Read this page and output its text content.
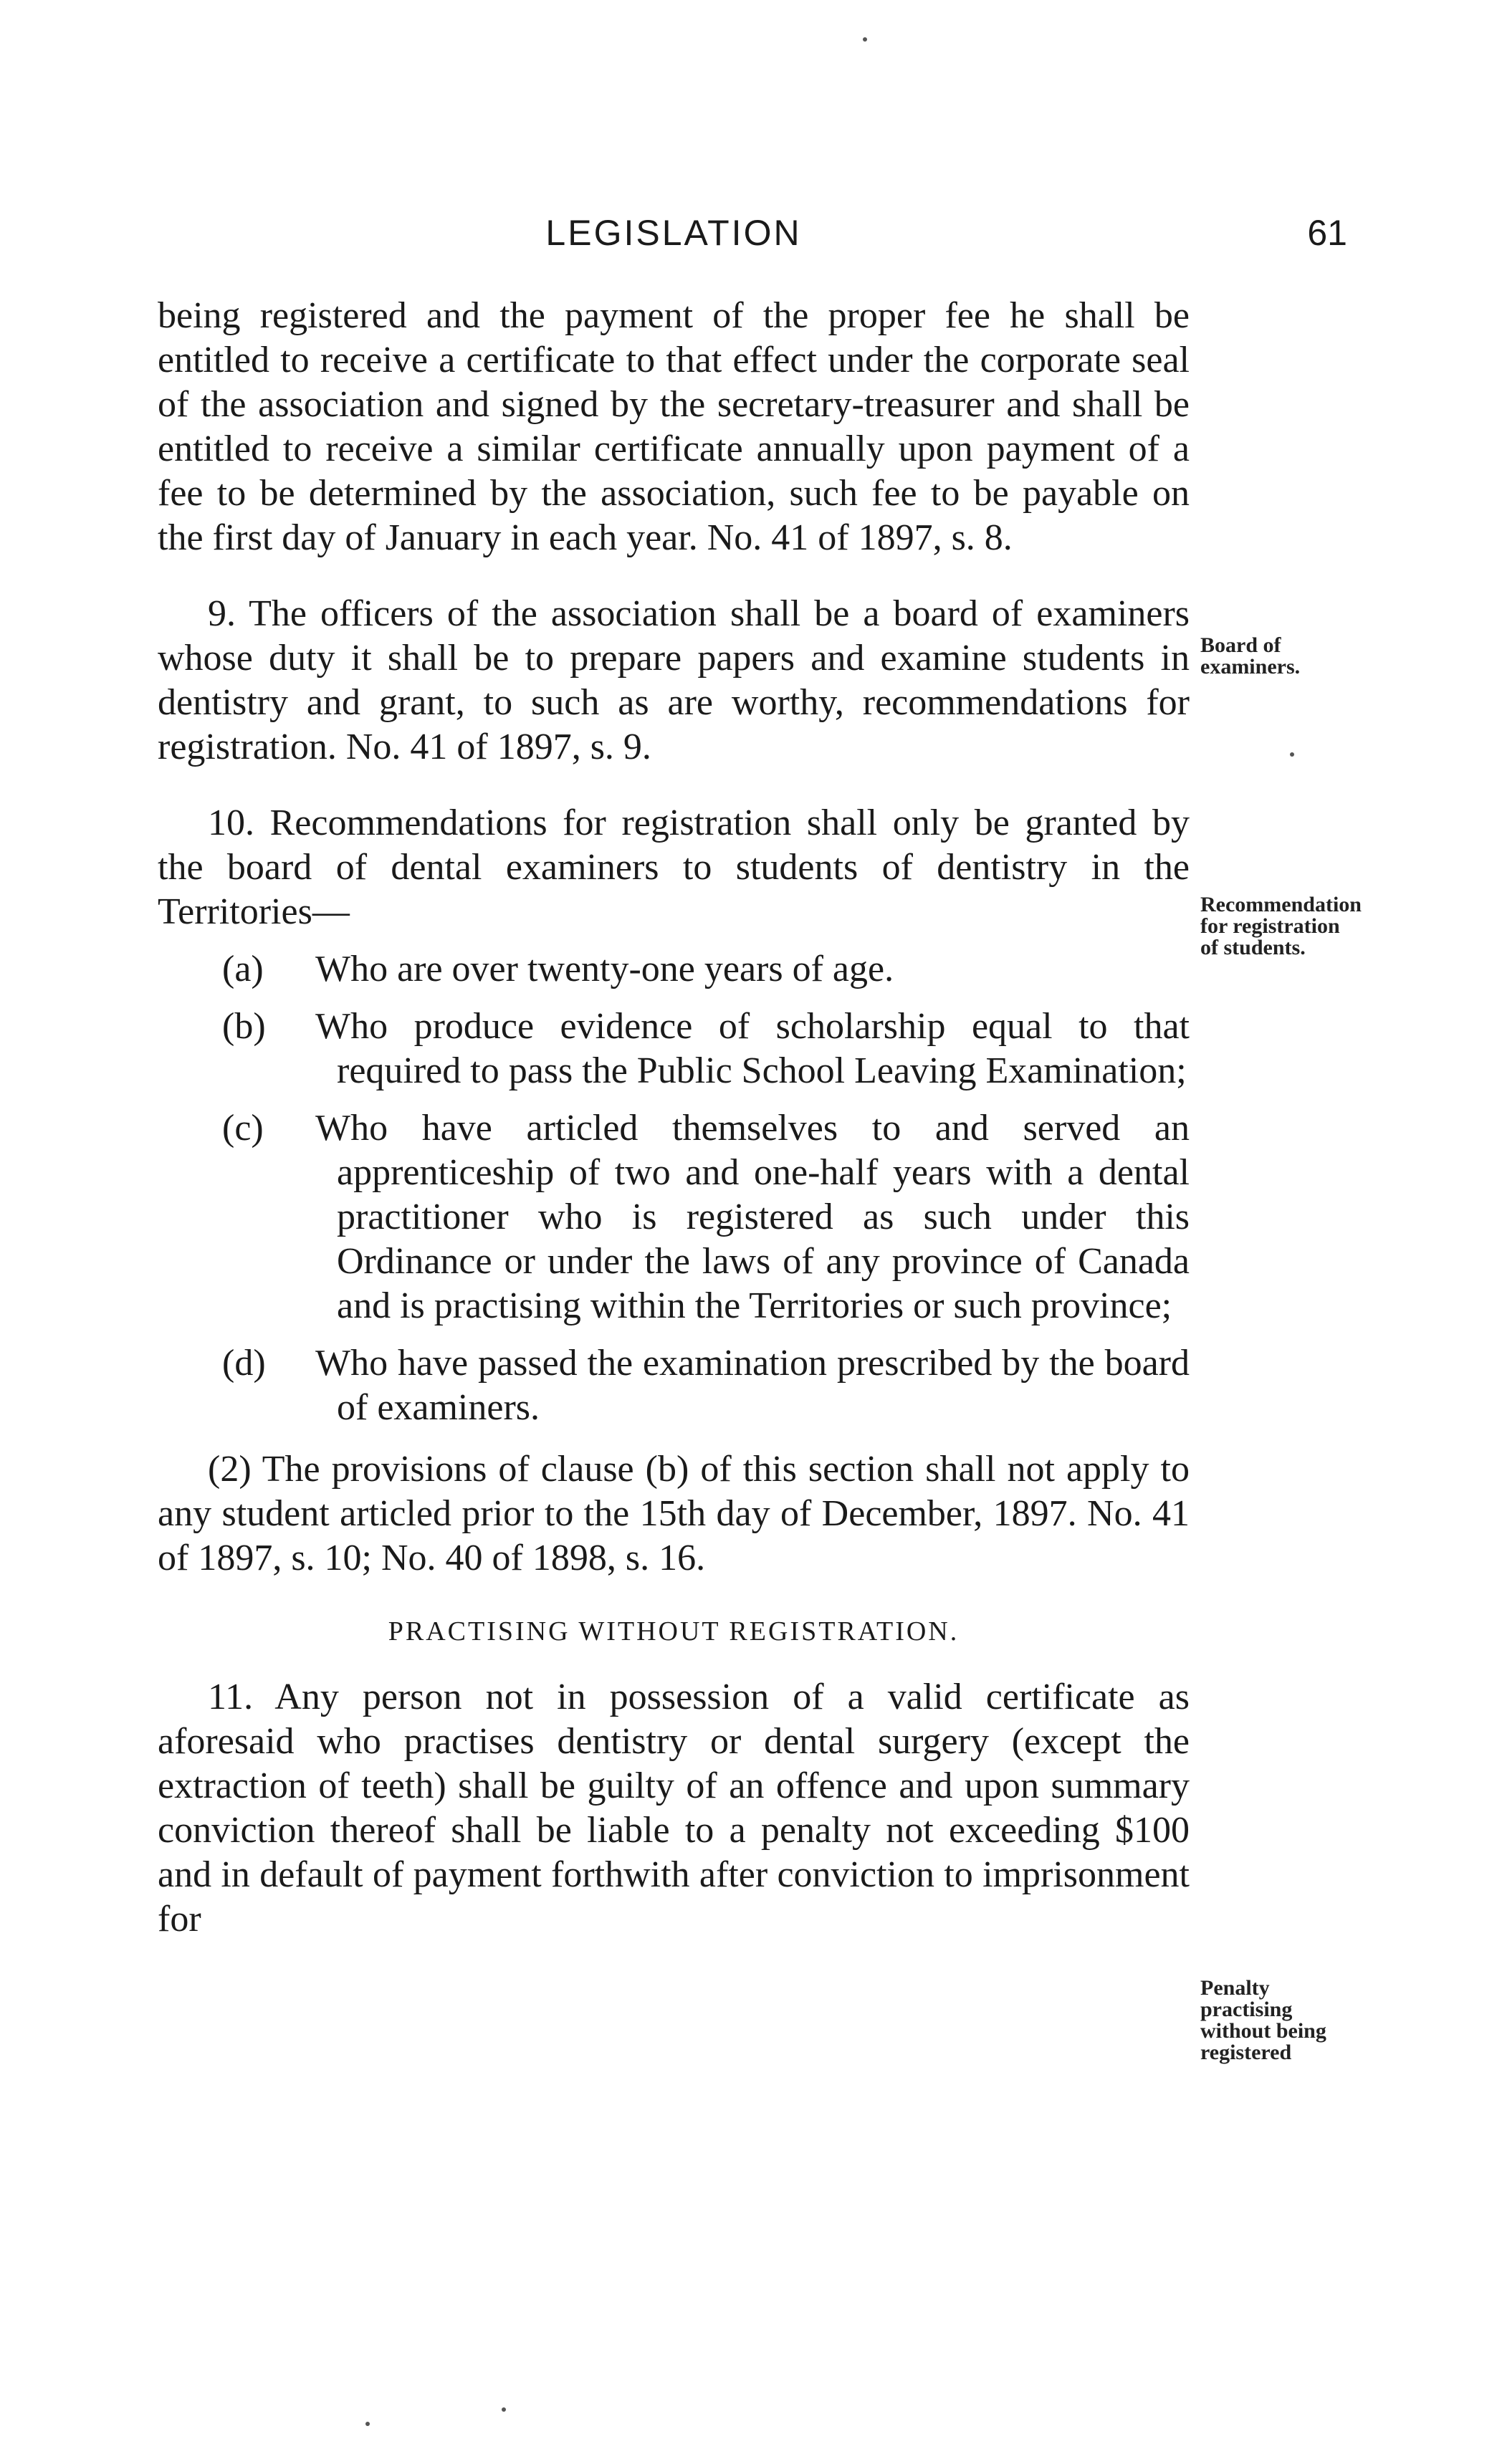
LEGISLATION	61
Board of examiners.
Recommendation for registration of students.
Penalty practising without being registered

being registered and the payment of the proper fee he shall be entitled to receive a certificate to that effect under the corporate seal of the association and signed by the secretary-treasurer and shall be entitled to receive a similar certificate annually upon payment of a fee to be determined by the association, such fee to be payable on the first day of January in each year. No. 41 of 1897, s. 8.

9. The officers of the association shall be a board of examiners whose duty it shall be to prepare papers and examine students in dentistry and grant, to such as are worthy, recommendations for registration. No. 41 of 1897, s. 9.

10. Recommendations for registration shall only be granted by the board of dental examiners to students of dentistry in the Territories—

(a) Who are over twenty-one years of age.
(b) Who produce evidence of scholarship equal to that required to pass the Public School Leaving Examination;
(c) Who have articled themselves to and served an apprenticeship of two and one-half years with a dental practitioner who is registered as such under this Ordinance or under the laws of any province of Canada and is practising within the Territories or such province;
(d) Who have passed the examination prescribed by the board of examiners.

(2) The provisions of clause (b) of this section shall not apply to any student articled prior to the 15th day of December, 1897. No. 41 of 1897, s. 10; No. 40 of 1898, s. 16.

PRACTISING WITHOUT REGISTRATION.

11. Any person not in possession of a valid certificate as aforesaid who practises dentistry or dental surgery (except the extraction of teeth) shall be guilty of an offence and upon summary conviction thereof shall be liable to a penalty not exceeding $100 and in default of payment forthwith after conviction to imprisonment for
